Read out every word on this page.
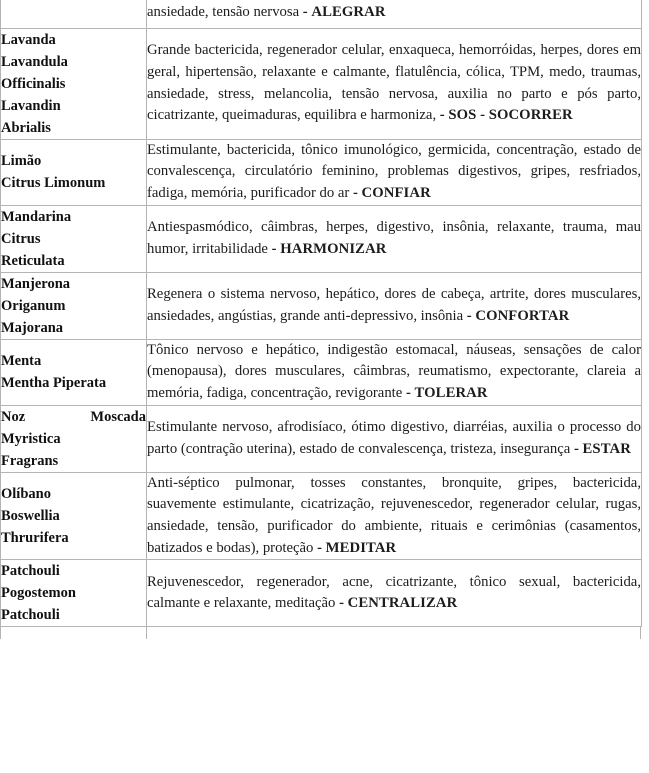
	ansiedade, tensão nervosa - ALEGRAR

Lavanda
Lavandula
Officinalis
Lavandin
Abrialis
	Grande bactericida, regenerador celular, enxaqueca, hemorróidas, herpes, dores em geral, hipertensão, relaxante e calmante, flatulência, cólica, TPM, medo, traumas, ansiedade, stress, melancolia, tensão nervosa, auxilia no parto e pós parto, cicatrizante, queimaduras, equilibra e harmoniza, - SOS - SOCORRER

Limão
Citrus Limonum	Estimulante, bactericida, tônico imunológico, germicida, concentração, estado de convalescença, circulatório feminino, problemas digestivos, gripes, resfriados, fadiga, memória, purificador do ar - CONFIAR

Mandarina
Citrus
Reticulata	Antiespasmódico, câimbras, herpes, digestivo, insônia, relaxante, trauma, mau humor, irritabilidade - HARMONIZAR

Manjerona
Origanum
Majorana	Regenera o sistema nervoso, hepático, dores de cabeça, artrite, dores musculares, ansiedades, angústias, grande anti-depressivo, insônia - CONFORTAR

Menta
Mentha Piperata	Tônico nervoso e hepático, indigestão estomacal, náuseas, sensações de calor (menopausa), dores musculares, câimbras, reumatismo, expectorante, clareia a memória, fadiga, concentração, revigorante - TOLERAR

Noz Moscada
Myristica
Fragrans	Estimulante nervoso, afrodisíaco, ótimo digestivo, diarréias, auxilia o processo do parto (contração uterina), estado de convalescença, tristeza, insegurança - ESTAR

Olíbano
Boswellia
Thrurifera
	Anti-séptico pulmonar, tosses constantes, bronquite, gripes, bactericida, suavemente estimulante, cicatrização, rejuvenescedor, regenerador celular, rugas, ansiedade, tensão, purificador do ambiente, rituais e cerimônias (casamentos, batizados e bodas), proteção - MEDITAR

Patchouli
Pogostemon
Patchouli	Rejuvenescedor, regenerador, acne, cicatrizante, tônico sexual, bactericida, calmante e relaxante, meditação - CENTRALIZAR
